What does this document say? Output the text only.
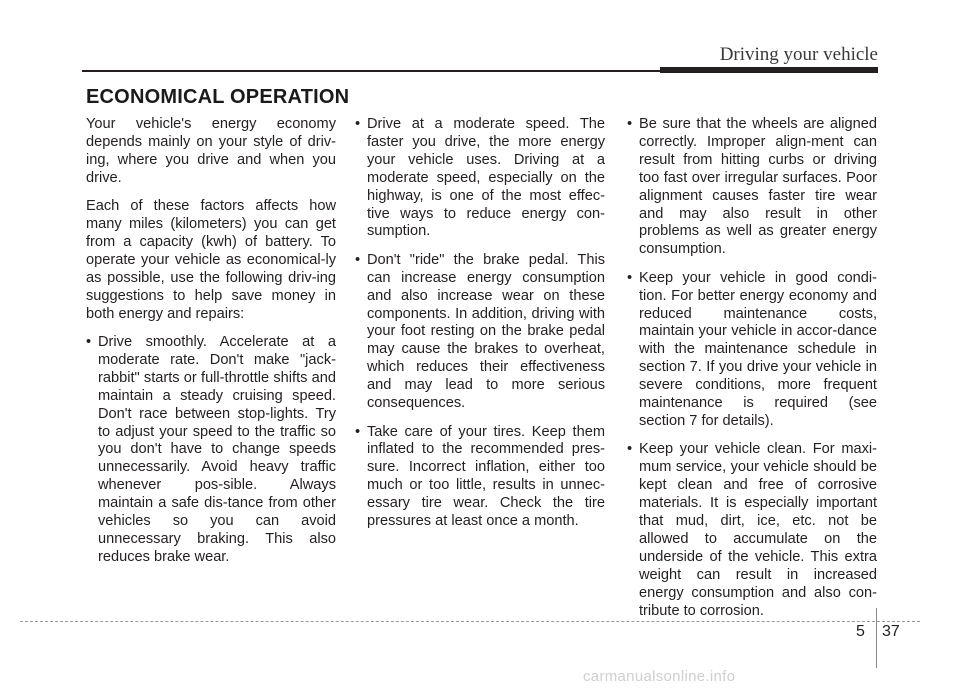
Driving your vehicle
ECONOMICAL OPERATION

Your vehicle's energy economy depends mainly on your style of driv-ing, where you drive and when you drive.

Each of these factors affects how many miles (kilometers) you can get from a capacity (kwh) of battery. To operate your vehicle as economical-ly as possible, use the following driv-ing suggestions to help save money in both energy and repairs:

• Drive smoothly. Accelerate at a moderate rate. Don't make "jack-rabbit" starts or full-throttle shifts and maintain a steady cruising speed. Don't race between stop-lights. Try to adjust your speed to the traffic so you don't have to change speeds unnecessarily. Avoid heavy traffic whenever pos-sible. Always maintain a safe dis-tance from other vehicles so you can avoid unnecessary braking. This also reduces brake wear.
• Drive at a moderate speed. The faster you drive, the more energy your vehicle uses. Driving at a moderate speed, especially on the highway, is one of the most effec-tive ways to reduce energy con-sumption.
• Don't "ride" the brake pedal. This can increase energy consumption and also increase wear on these components. In addition, driving with your foot resting on the brake pedal may cause the brakes to overheat, which reduces their effectiveness and may lead to more serious consequences.
• Take care of your tires. Keep them inflated to the recommended pres-sure. Incorrect inflation, either too much or too little, results in unnec-essary tire wear. Check the tire pressures at least once a month.
• Be sure that the wheels are aligned correctly. Improper align-ment can result from hitting curbs or driving too fast over irregular surfaces. Poor alignment causes faster tire wear and may also result in other problems as well as greater energy consumption.
• Keep your vehicle in good condi-tion. For better energy economy and reduced maintenance costs, maintain your vehicle in accor-dance with the maintenance schedule in section 7. If you drive your vehicle in severe conditions, more frequent maintenance is required (see section 7 for details).
• Keep your vehicle clean. For maxi-mum service, your vehicle should be kept clean and free of corrosive materials. It is especially important that mud, dirt, ice, etc. not be allowed to accumulate on the underside of the vehicle. This extra weight can result in increased energy consumption and also con-tribute to corrosion.
5 37
carmanualsonline.info
